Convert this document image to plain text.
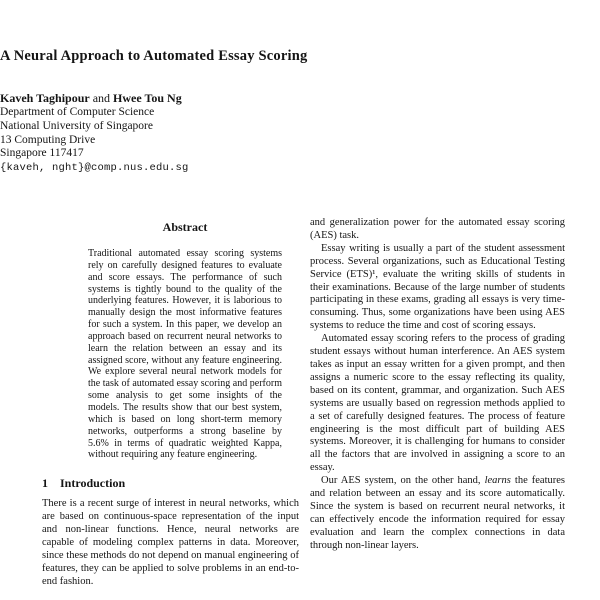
A Neural Approach to Automated Essay Scoring
Kaveh Taghipour and Hwee Tou Ng
Department of Computer Science
National University of Singapore
13 Computing Drive
Singapore 117417
{kaveh, nght}@comp.nus.edu.sg
Abstract
Traditional automated essay scoring systems rely on carefully designed features to evaluate and score essays. The performance of such systems is tightly bound to the quality of the underlying features. However, it is laborious to manually design the most informative features for such a system. In this paper, we develop an approach based on recurrent neural networks to learn the relation between an essay and its assigned score, without any feature engineering. We explore several neural network models for the task of automated essay scoring and perform some analysis to get some insights of the models. The results show that our best system, which is based on long short-term memory networks, outperforms a strong baseline by 5.6% in terms of quadratic weighted Kappa, without requiring any feature engineering.
1 Introduction

There is a recent surge of interest in neural networks, which are based on continuous-space representation of the input and non-linear functions. Hence, neural networks are capable of modeling complex patterns in data. Moreover, since these methods do not depend on manual engineering of features, they can be applied to solve problems in an end-to-end fashion.

and generalization power for the automated essay scoring (AES) task.

Essay writing is usually a part of the student assessment process. Several organizations, such as Educational Testing Service (ETS)¹, evaluate the writing skills of students in their examinations. Because of the large number of students participating in these exams, grading all essays is very time-consuming. Thus, some organizations have been using AES systems to reduce the time and cost of scoring essays.

Automated essay scoring refers to the process of grading student essays without human interference. An AES system takes as input an essay written for a given prompt, and then assigns a numeric score to the essay reflecting its quality, based on its content, grammar, and organization. Such AES systems are usually based on regression methods applied to a set of carefully designed features. The process of feature engineering is the most difficult part of building AES systems. Moreover, it is challenging for humans to consider all the factors that are involved in assigning a score to an essay.

Our AES system, on the other hand, learns the features and relation between an essay and its score automatically. Since the system is based on recurrent neural networks, it can effectively encode the information required for essay evaluation and learn the complex connections in data through non-linear layers.
